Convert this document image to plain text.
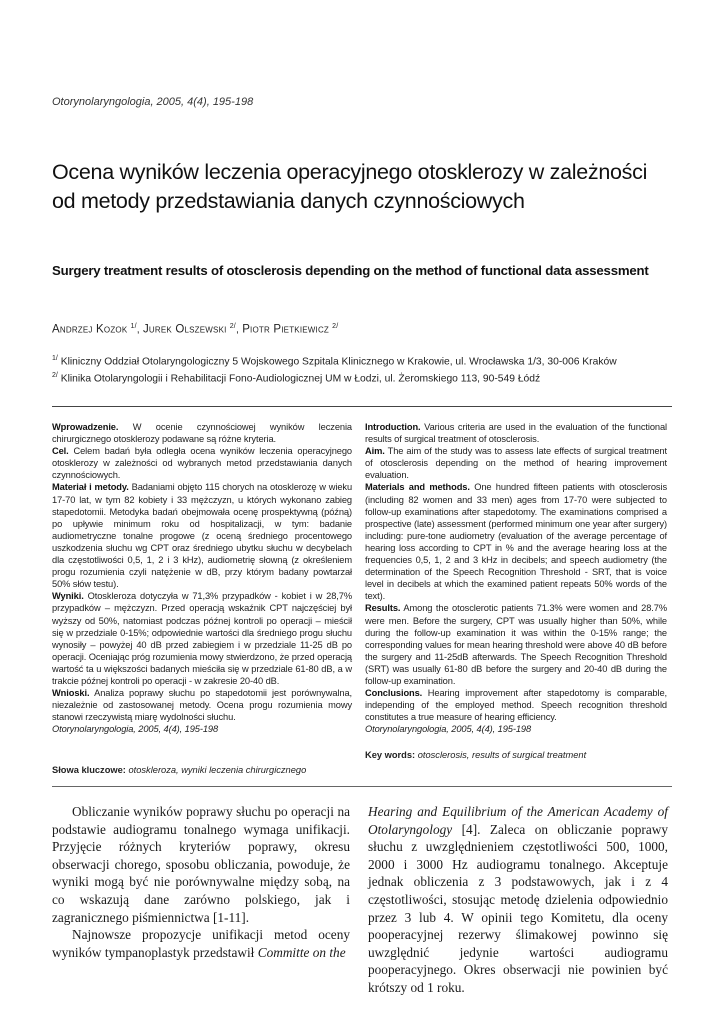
Otorynolaryngologia, 2005, 4(4), 195-198
Ocena wyników leczenia operacyjnego otosklerozy w zależności od metody przedstawiania danych czynnościowych
Surgery treatment results of otosclerosis depending on the method of functional data assessment
Andrzej Kozok $^{1/}$, Jurek Olszewski $^{2/}$, Piotr Pietkiewicz $^{2/}$
$^{1/}$ Kliniczny Oddział Otolaryngologiczny 5 Wojskowego Szpitala Klinicznego w Krakowie, ul. Wrocławska 1/3, 30-006 Kraków
$^{2/}$ Klinika Otolaryngologii i Rehabilitacji Fono-Audiologicznej UM w Łodzi, ul. Żeromskiego 113, 90-549 Łódź

Wprowadzenie. W ocenie czynnościowej wyników leczenia chirurgicznego otosklerozy podawane są różne kryteria.

Cel. Celem badań była odległa ocena wyników leczenia operacyjnego otosklerozy w zależności od wybranych metod przedstawiania danych czynnościowych.

Materiał i metody. Badaniami objęto 115 chorych na otosklerozę w wieku 17-70 lat, w tym 82 kobiety i 33 mężczyzn, u których wykonano zabieg stapedotomii. Metodyka badań obejmowała ocenę prospektywną (późną) po upływie minimum roku od hospitalizacji, w tym: badanie audiometryczne tonalne progowe (z oceną średniego procentowego uszkodzenia słuchu wg CPT oraz średniego ubytku słuchu w decybelach dla częstotliwości 0,5, 1, 2 i 3 kHz), audiometrię słowną (z określeniem progu rozumienia czyli natężenie w dB, przy którym badany powtarzał 50% słów testu).

Wyniki. Otoskleroza dotyczyła w 71,3% przypadków - kobiet i w 28,7% przypadków – mężczyzn. Przed operacją wskaźnik CPT najczęściej był wyższy od 50%, natomiast podczas późnej kontroli po operacji – mieścił się w przedziale 0-15%; odpowiednie wartości dla średniego progu słuchu wynosiły – powyżej 40 dB przed zabiegiem i w przedziale 11-25 dB po operacji. Oceniając próg rozumienia mowy stwierdzono, że przed operacją wartość ta u większości badanych mieściła się w przedziale 61-80 dB, a w trakcie późnej kontroli po operacji - w zakresie 20-40 dB.

Wnioski. Analiza poprawy słuchu po stapedotomii jest porównywalna, niezależnie od zastosowanej metody. Ocena progu rozumienia mowy stanowi rzeczywistą miarę wydolności słuchu.

Otorynolaryngologia, 2005, 4(4), 195-198

Słowa kluczowe: otoskleroza, wyniki leczenia chirurgicznego

Introduction. Various criteria are used in the evaluation of the functional results of surgical treatment of otosclerosis.

Aim. The aim of the study was to assess late effects of surgical treatment of otosclerosis depending on the method of hearing improvement evaluation.

Materials and methods. One hundred fifteen patients with otosclerosis (including 82 women and 33 men) ages from 17-70 were subjected to follow-up examinations after stapedotomy. The examinations comprised a prospective (late) assessment (performed minimum one year after surgery) including: pure-tone audiometry (evaluation of the average percentage of hearing loss according to CPT in % and the average hearing loss at the frequencies 0,5, 1, 2 and 3 kHz in decibels; and speech audiometry (the determination of the Speech Recognition Threshold - SRT, that is voice level in decibels at which the examined patient repeats 50% words of the text).

Results. Among the otosclerotic patients 71.3% were women and 28.7% were men. Before the surgery, CPT was usually higher than 50%, while during the follow-up examination it was within the 0-15% range; the corresponding values for mean hearing threshold were above 40 dB before the surgery and 11-25dB afterwards. The Speech Recognition Threshold (SRT) was usually 61-80 dB before the surgery and 20-40 dB during the follow-up examination.

Conclusions. Hearing improvement after stapedotomy is comparable, independing of the employed method. Speech recognition threshold constitutes a true measure of hearing efficiency.

Otorynolaryngologia, 2005, 4(4), 195-198

Key words: otosclerosis, results of surgical treatment

Obliczanie wyników poprawy słuchu po operacji na podstawie audiogramu tonalnego wymaga unifikacji. Przyjęcie różnych kryteriów poprawy, okresu obserwacji chorego, sposobu obliczania, powoduje, że wyniki mogą być nie porównywalne między sobą, na co wskazują dane zarówno polskiego, jak i zagranicznego piśmiennictwa [1-11].

Najnowsze propozycje unifikacji metod oceny wyników tympanoplastyk przedstawił Committe on the

Hearing and Equilibrium of the American Academy of Otolaryngology [4]. Zaleca on obliczanie poprawy słuchu z uwzględnieniem częstotliwości 500, 1000, 2000 i 3000 Hz audiogramu tonalnego. Akceptuje jednak obliczenia z 3 podstawowych, jak i z 4 częstotliwości, stosując metodę dzielenia odpowiednio przez 3 lub 4. W opinii tego Komitetu, dla oceny pooperacyjnej rezerwy ślimakowej powinno się uwzględnić jedynie wartości audiogramu pooperacyjnego. Okres obserwacji nie powinien być krótszy od 1 roku.
